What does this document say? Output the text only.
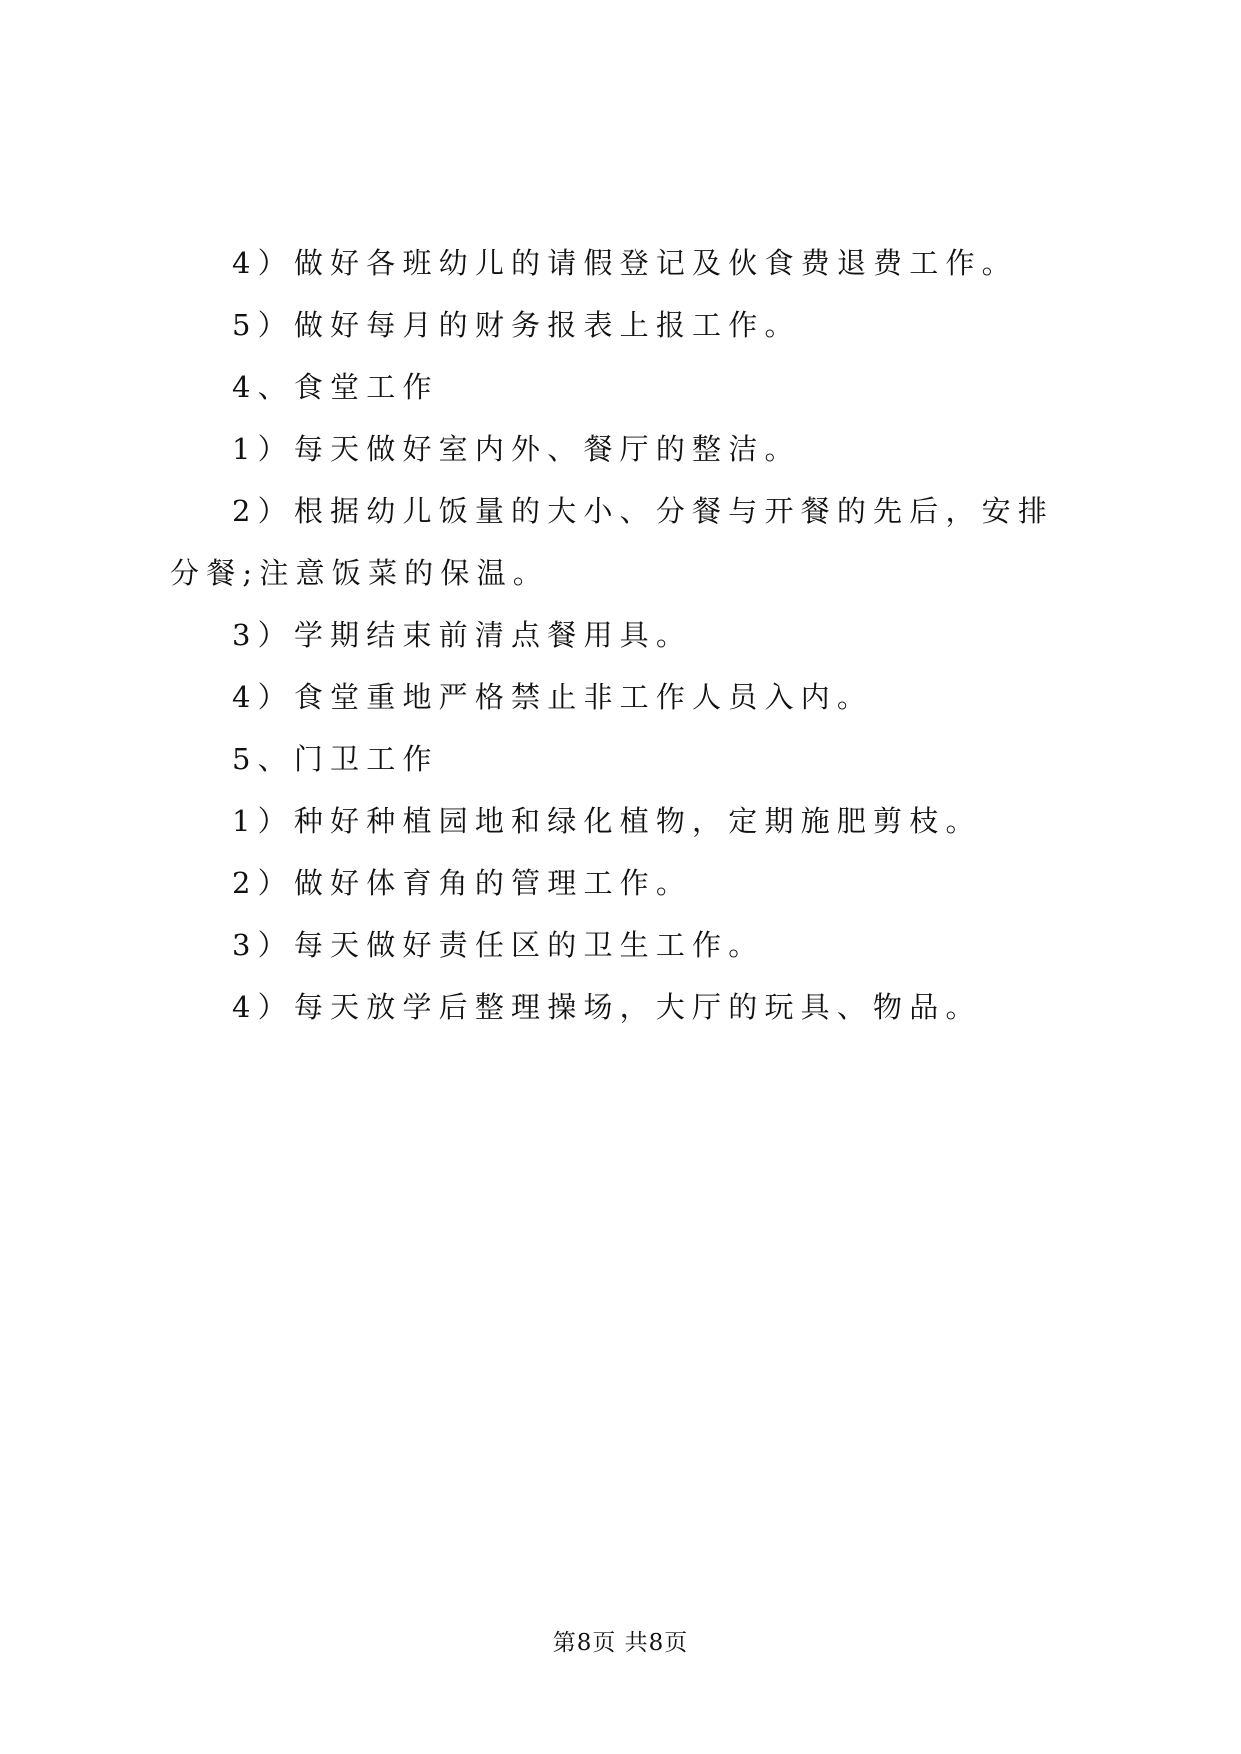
4）做好各班幼儿的请假登记及伙食费退费工作。

5）做好每月的财务报表上报工作。

4、食堂工作

1）每天做好室内外、餐厅的整洁。

2）根据幼儿饭量的大小、分餐与开餐的先后，安排分餐;注意饭菜的保温。

3）学期结束前清点餐用具。

4）食堂重地严格禁止非工作人员入内。

5、门卫工作

1）种好种植园地和绿化植物，定期施肥剪枝。

2）做好体育角的管理工作。

3）每天做好责任区的卫生工作。

4）每天放学后整理操场，大厅的玩具、物品。

第8页 共8页
